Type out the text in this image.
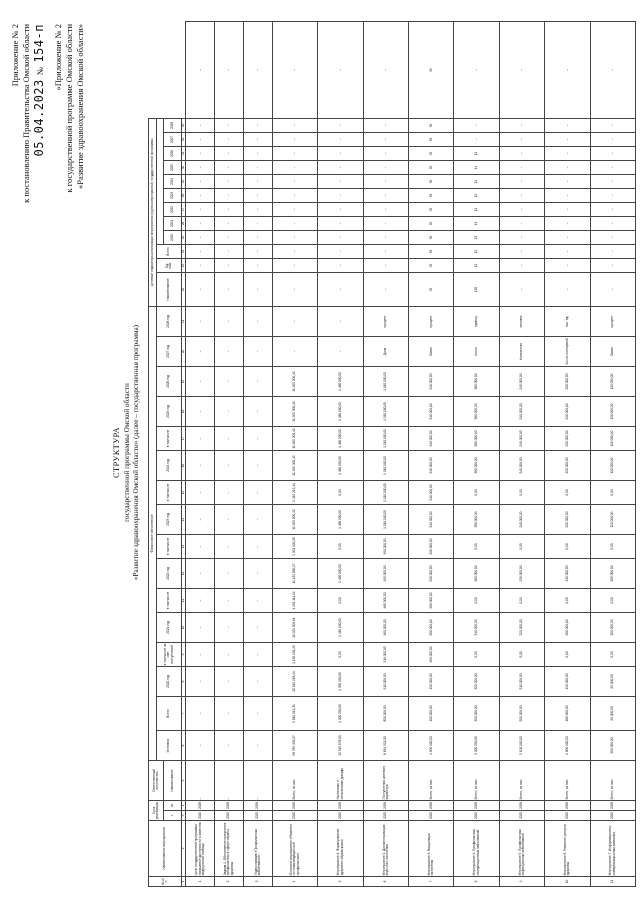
Приложение № 2 к постановлению Правительства Омской области 05.04.2023  №  154-п «Приложение № 2 к государственной программе Омской области «Развитие здравоохранения Омской области»
СТРУКТУРА государственной программы Омской области «Развитие здравоохранения Омской области» (далее – государственная программа)
№ п/п	Наименование мероприятия	Срок реализации		Ответственный исполнитель	Финансовое обеспечение																Целевые индикаторы реализации мероприятия (группы мероприятий) государственной программы												
					Источник	Всего	2020 год	в том числе за счет поступлений	2021 год	в том числе	2022 год	в том числе	2023 год	в том числе	2024 год	в том числе	2025 год	2026 год	2027 год	2028 год	Наименование	Ед. изм.	Всего										
		с	по	Наименование																				2020	2021	2022	2023	2024	2025	2026	2027	2028	
1	2	3	4	5	6	7	8	9	10	11	12	13	14	15	16	17	18	19	20	21	22	23	24	25	26	27	28	29	30	31	32	33	
1	Цель государственной программы: повышение доступности и качества медицинской помощи	2020	2028	–	–	–	–	–	–	–	–	–	–	–	–	–	–	–	–	–	–	–	–	–	–	–	–	–	–	–	–	–	–
2	Задача 1. Обеспечение приоритета профилактики в сфере охраны здоровья	2020	2028	–	–	–	–	–	–	–	–	–	–	–	–	–	–	–	–	–	–	–	–	–	–	–	–	–	–	–	–	–	–
3	Подпрограмма «Профилактика заболеваний»	2020	2028	–	–	–	–	–	–	–	–	–	–	–	–	–	–	–	–	–	–	–	–	–	–	–	–	–	–	–	–	–	–
4	Основное мероприятие «Развитие системы медицинской профилактики»	2020	2028	Всего, из них:	98 789 405,07	9 810 012,31	10 345 218,44	1 150 201,22	11 021 009,61	1 204 111,04	11 432 650,17	1 301 020,35	11 905 300,42	1 410 212,14	11 905 300,42	11 905 300,42	11 905 300,42	11 905 300,42	–	–	–	–	–	–	–	–	–	–	–	–	–	–	–
5	Мероприятие 1. Формирование здорового образа жизни	2020	2028	Налоговые и неналоговые доходы	12 345 678,00	1 200 000,00	1 350 000,00	0,00	1 410 000,00	0,00	1 450 000,00	0,00	1 480 000,00	0,00	1 480 000,00	1 480 000,00	1 480 000,00	1 480 000,00	–	–	–	–	–	–	–	–	–	–	–	–	–	–	–
6	Мероприятие 2. Диспансеризация взрослого населения	2020	2028	Поступления целевого характера	8 654 321,00	850 000,00	910 000,00	910 000,00	960 000,00	960 000,00	990 000,00	990 000,00	1 010 000,00	1 010 000,00	1 010 000,00	1 010 000,00	1 010 000,00	1 010 000,00	Доля	процент	–	–	–	–	–	–	–	–	–	–	–	–	–
7	Мероприятие 3. Вакцинация населения	2020	2028	Всего, из них:	4 500 000,00	400 000,00	450 000,00	450 000,00	500 000,00	500 000,00	520 000,00	520 000,00	540 000,00	540 000,00	540 000,00	540 000,00	540 000,00	540 000,00	Охват	процент	95	95	95	95	95	95	95	95	95	95	95	95	95
8	Мероприятие 4. Профилактика неинфекционных заболеваний	2020	2028	Всего, из них:	3 200 000,00	300 000,00	320 000,00	0,00	340 000,00	0,00	360 000,00	0,00	380 000,00	0,00	380 000,00	380 000,00	380 000,00	380 000,00	Число	единиц	120	12	12	13	13	14	14	14	14	14	–	–	–
9	Мероприятие 5. Профилактика инфекционных заболеваний	2020	2028	Всего, из них:	2 100 000,00	200 000,00	210 000,00	0,00	220 000,00	0,00	230 000,00	0,00	240 000,00	0,00	240 000,00	240 000,00	240 000,00	240 000,00	Количество	человек	–	–	–	–	–	–	–	–	–	–	–	–	–
10	Мероприятие 6. Развитие центров здоровья	2020	2028	Всего, из них:	1 800 000,00	180 000,00	190 000,00	0,00	200 000,00	0,00	210 000,00	0,00	220 000,00	0,00	220 000,00	220 000,00	220 000,00	220 000,00	Число посещений	тыс. ед.	–	–	–	–	–	–	–	–	–	–	–	–	–
11	Мероприятие 7. Информационно-коммуникационная кампания	2020	2028	Всего, из них:	900 000,00	90 000,00	95 000,00	0,00	100 000,00	0,00	105 000,00	0,00	110 000,00	0,00	110 000,00	110 000,00	110 000,00	110 000,00	Охват	процент	–	–	–	–	–	–	–	–	–	–	–	–	–
